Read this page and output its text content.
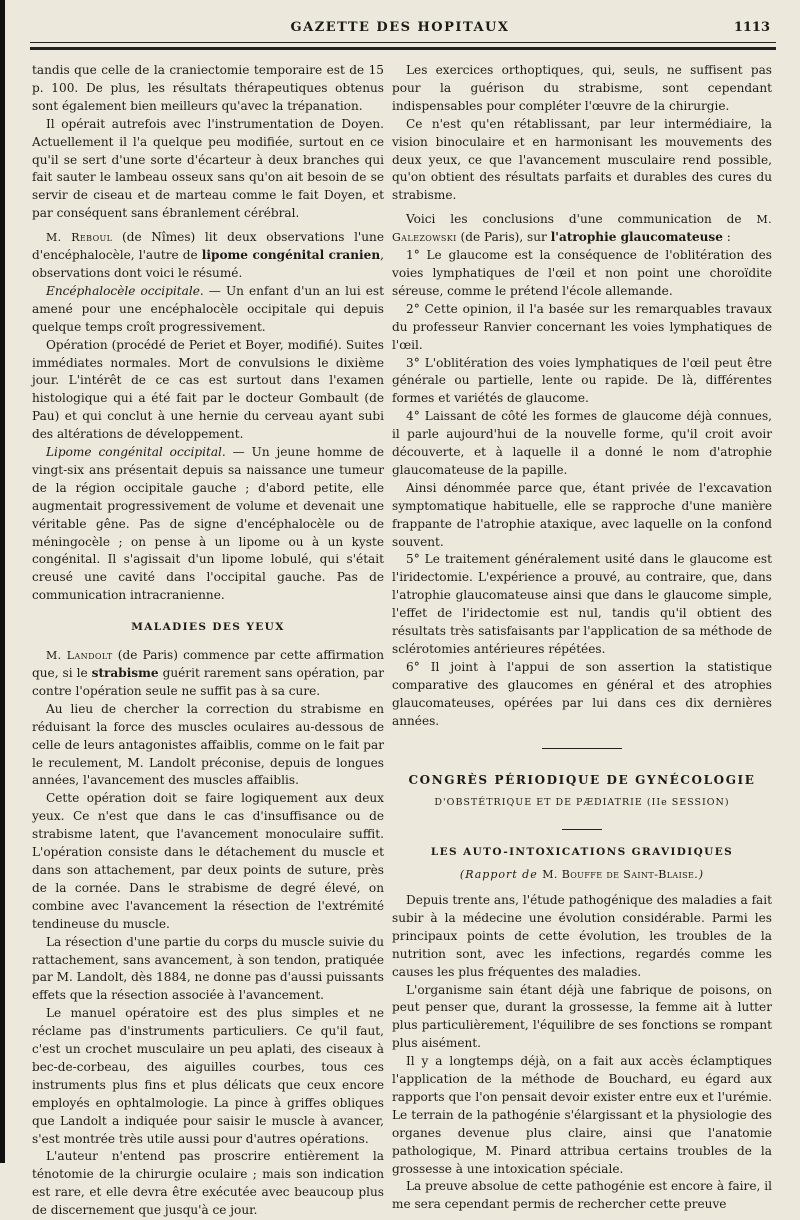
GAZETTE DES HOPITAUX	1113

tandis que celle de la craniectomie temporaire est de 15 p. 100. De plus, les résultats thérapeutiques obtenus sont également bien meilleurs qu'avec la trépanation.

Il opérait autrefois avec l'instrumentation de Doyen. Actuellement il l'a quelque peu modifiée, surtout en ce qu'il se sert d'une sorte d'écarteur à deux branches qui fait sauter le lambeau osseux sans qu'on ait besoin de se servir de ciseau et de marteau comme le fait Doyen, et par conséquent sans ébranlement cérébral.

M. Reboul (de Nîmes) lit deux observations l'une d'encéphalocèle, l'autre de lipome congénital cranien, observations dont voici le résumé.

Encéphalocèle occipitale. — Un enfant d'un an lui est amené pour une encéphalocèle occipitale qui depuis quelque temps croît progressivement.

Opération (procédé de Periet et Boyer, modifié). Suites immédiates normales. Mort de convulsions le dixième jour. L'intérêt de ce cas est surtout dans l'examen histologique qui a été fait par le docteur Gombault (de Pau) et qui conclut à une hernie du cerveau ayant subi des altérations de développement.

Lipome congénital occipital. — Un jeune homme de vingt-six ans présentait depuis sa naissance une tumeur de la région occipitale gauche ; d'abord petite, elle augmentait progressivement de volume et devenait une véritable gêne. Pas de signe d'encéphalocèle ou de méningocèle ; on pense à un lipome ou à un kyste congénital. Il s'agissait d'un lipome lobulé, qui s'était creusé une cavité dans l'occipital gauche. Pas de communication intracranienne.

MALADIES DES YEUX

M. Landolt (de Paris) commence par cette affirmation que, si le strabisme guérit rarement sans opération, par contre l'opération seule ne suffit pas à sa cure.

Au lieu de chercher la correction du strabisme en réduisant la force des muscles oculaires au-dessous de celle de leurs antagonistes affaiblis, comme on le fait par le reculement, M. Landolt préconise, depuis de longues années, l'avancement des muscles affaiblis.

Cette opération doit se faire logiquement aux deux yeux. Ce n'est que dans le cas d'insuffisance ou de strabisme latent, que l'avancement monoculaire suffit. L'opération consiste dans le détachement du muscle et dans son attachement, par deux points de suture, près de la cornée. Dans le strabisme de degré élevé, on combine avec l'avancement la résection de l'extrémité tendineuse du muscle.

La résection d'une partie du corps du muscle suivie du rattachement, sans avancement, à son tendon, pratiquée par M. Landolt, dès 1884, ne donne pas d'aussi puissants effets que la résection associée à l'avancement.

Le manuel opératoire est des plus simples et ne réclame pas d'instruments particuliers. Ce qu'il faut, c'est un crochet musculaire un peu aplati, des ciseaux à bec-de-corbeau, des aiguilles courbes, tous ces instruments plus fins et plus délicats que ceux encore employés en ophtalmologie. La pince à griffes obliques que Landolt a indiquée pour saisir le muscle à avancer, s'est montrée très utile aussi pour d'autres opérations.

L'auteur n'entend pas proscrire entièrement la ténotomie de la chirurgie oculaire ; mais son indication est rare, et elle devra être exécutée avec beaucoup plus de discernement que jusqu'à ce jour.

Les exercices orthoptiques, qui, seuls, ne suffisent pas pour la guérison du strabisme, sont cependant indispensables pour compléter l'œuvre de la chirurgie.

Ce n'est qu'en rétablissant, par leur intermédiaire, la vision binoculaire et en harmonisant les mouvements des deux yeux, ce que l'avancement musculaire rend possible, qu'on obtient des résultats parfaits et durables des cures du strabisme.

Voici les conclusions d'une communication de M. Galezowski (de Paris), sur l'atrophie glaucomateuse :

1° Le glaucome est la conséquence de l'oblitération des voies lymphatiques de l'œil et non point une choroïdite séreuse, comme le prétend l'école allemande.

2° Cette opinion, il l'a basée sur les remarquables travaux du professeur Ranvier concernant les voies lymphatiques de l'œil.

3° L'oblitération des voies lymphatiques de l'œil peut être générale ou partielle, lente ou rapide. De là, différentes formes et variétés de glaucome.

4° Laissant de côté les formes de glaucome déjà connues, il parle aujourd'hui de la nouvelle forme, qu'il croit avoir découverte, et à laquelle il a donné le nom d'atrophie glaucomateuse de la papille.

Ainsi dénommée parce que, étant privée de l'excavation symptomatique habituelle, elle se rapproche d'une manière frappante de l'atrophie ataxique, avec laquelle on la confond souvent.

5° Le traitement généralement usité dans le glaucome est l'iridectomie. L'expérience a prouvé, au contraire, que, dans l'atrophie glaucomateuse ainsi que dans le glaucome simple, l'effet de l'iridectomie est nul, tandis qu'il obtient des résultats très satisfaisants par l'application de sa méthode de sclérotomies antérieures répétées.

6° Il joint à l'appui de son assertion la statistique comparative des glaucomes en général et des atrophies glaucomateuses, opérées par lui dans ces dix dernières années.

CONGRÈS PÉRIODIQUE DE GYNÉCOLOGIE
D'OBSTÉTRIQUE ET DE PÆDIATRIE (IIe SESSION)
LES AUTO-INTOXICATIONS GRAVIDIQUES
(Rapport de M. Bouffe de Saint-Blaise.)

Depuis trente ans, l'étude pathogénique des maladies a fait subir à la médecine une évolution considérable. Parmi les principaux points de cette évolution, les troubles de la nutrition sont, avec les infections, regardés comme les causes les plus fréquentes des maladies.

L'organisme sain étant déjà une fabrique de poisons, on peut penser que, durant la grossesse, la femme ait à lutter plus particulièrement, l'équilibre de ses fonctions se rompant plus aisément.

Il y a longtemps déjà, on a fait aux accès éclamptiques l'application de la méthode de Bouchard, eu égard aux rapports que l'on pensait devoir exister entre eux et l'urémie. Le terrain de la pathogénie s'élargissant et la physiologie des organes devenue plus claire, ainsi que l'anatomie pathologique, M. Pinard attribua certains troubles de la grossesse à une intoxication spéciale.

La preuve absolue de cette pathogénie est encore à faire, il me sera cependant permis de rechercher cette preuve
